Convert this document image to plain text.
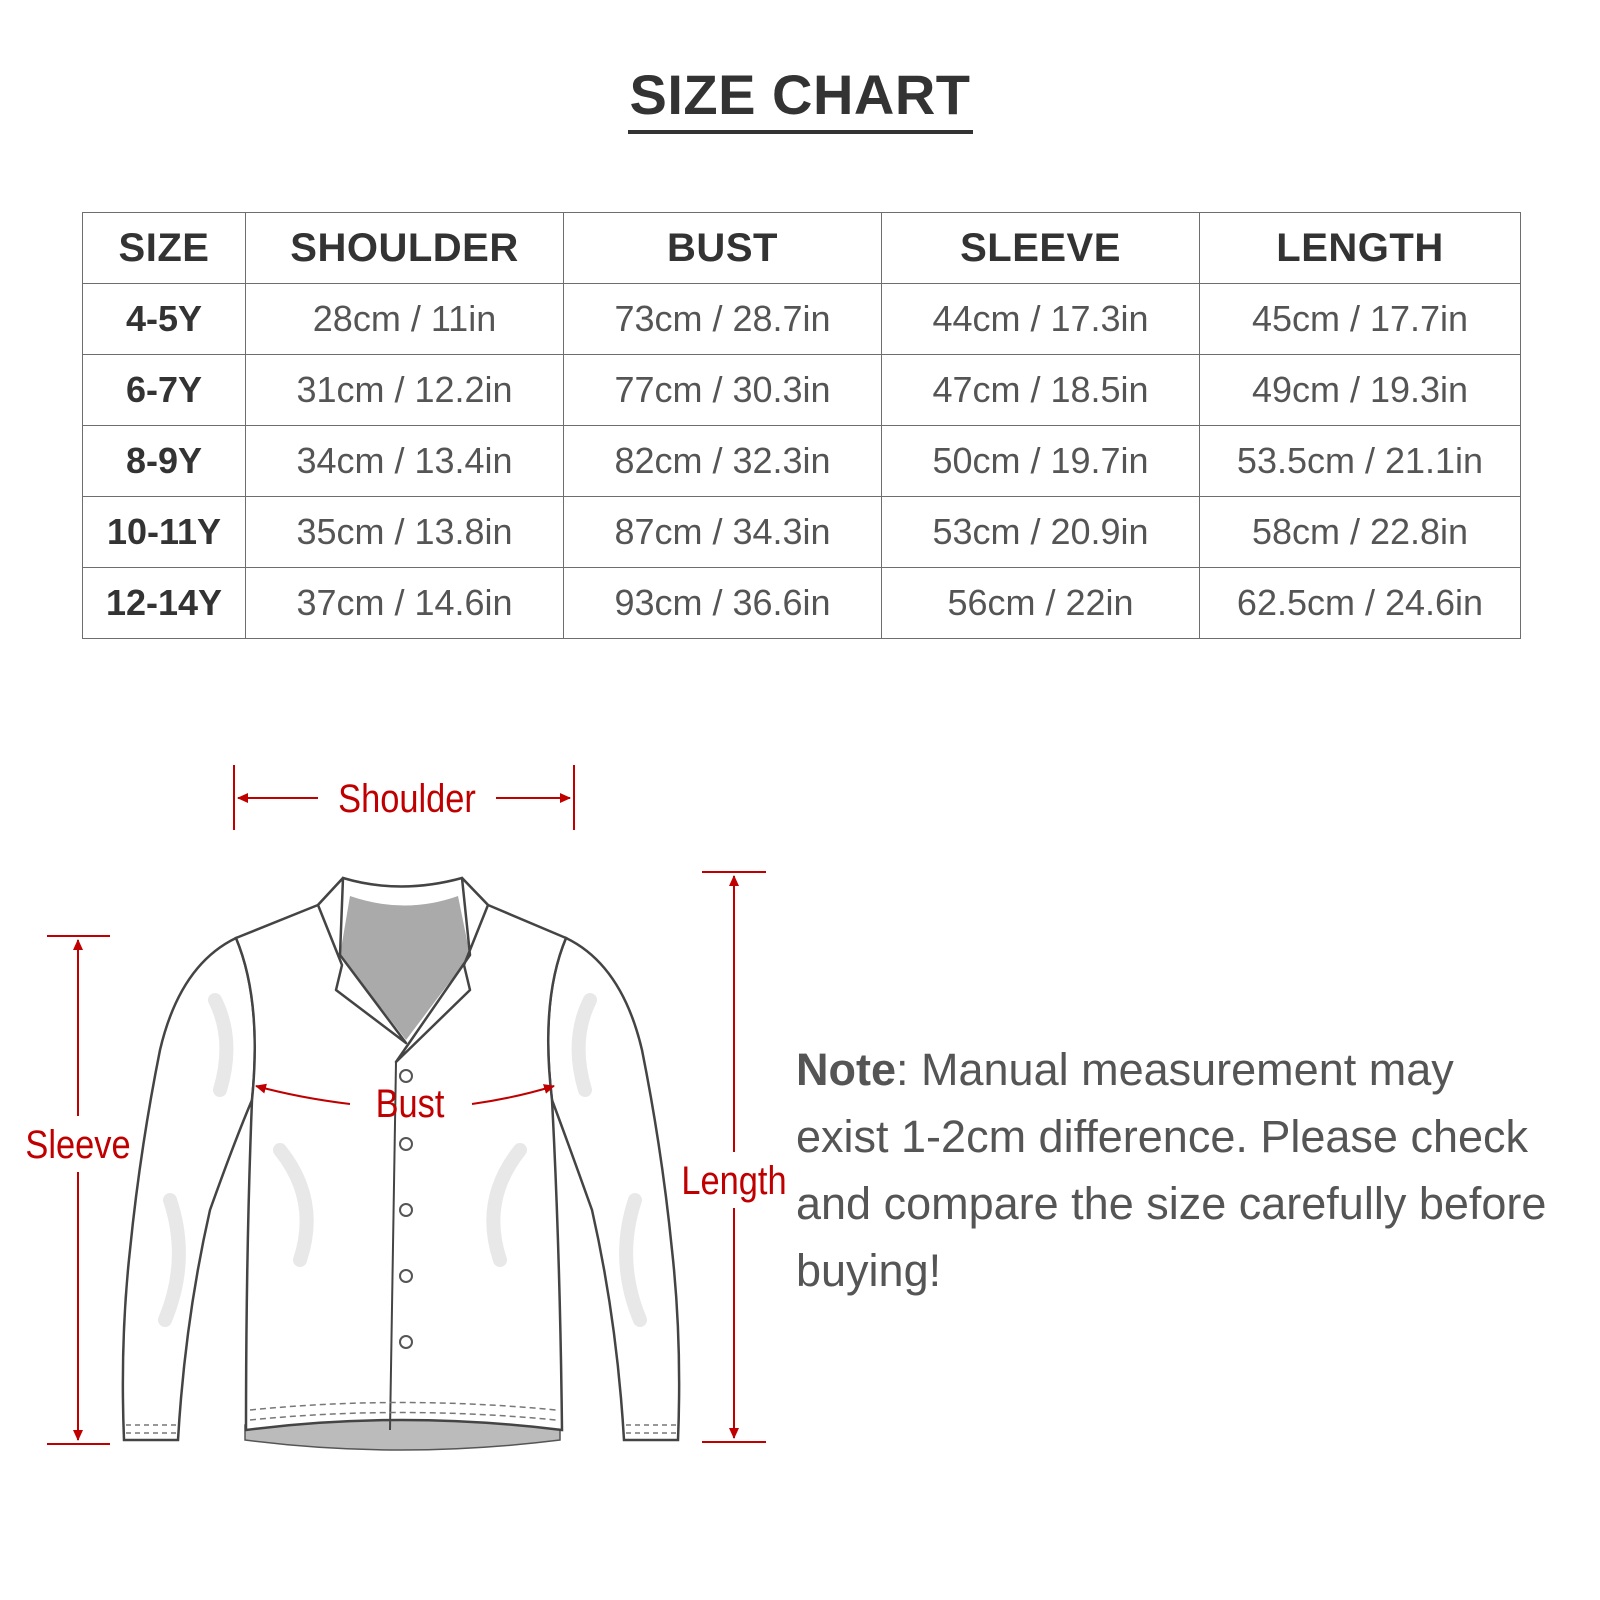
SIZE CHART
SIZE	SHOULDER	BUST	SLEEVE	LENGTH
4-5Y	28cm / 11in	73cm / 28.7in	44cm / 17.3in	45cm / 17.7in
6-7Y	31cm / 12.2in	77cm / 30.3in	47cm / 18.5in	49cm / 19.3in
8-9Y	34cm / 13.4in	82cm / 32.3in	50cm / 19.7in	53.5cm / 21.1in
10-11Y	35cm / 13.8in	87cm / 34.3in	53cm / 20.9in	58cm / 22.8in
12-14Y	37cm / 14.6in	93cm / 36.6in	56cm / 22in	62.5cm / 24.6in
Shoulder
Bust
Sleeve
Length
Note: Manual measurement may exist 1-2cm difference. Please check and compare the size carefully before buying!
